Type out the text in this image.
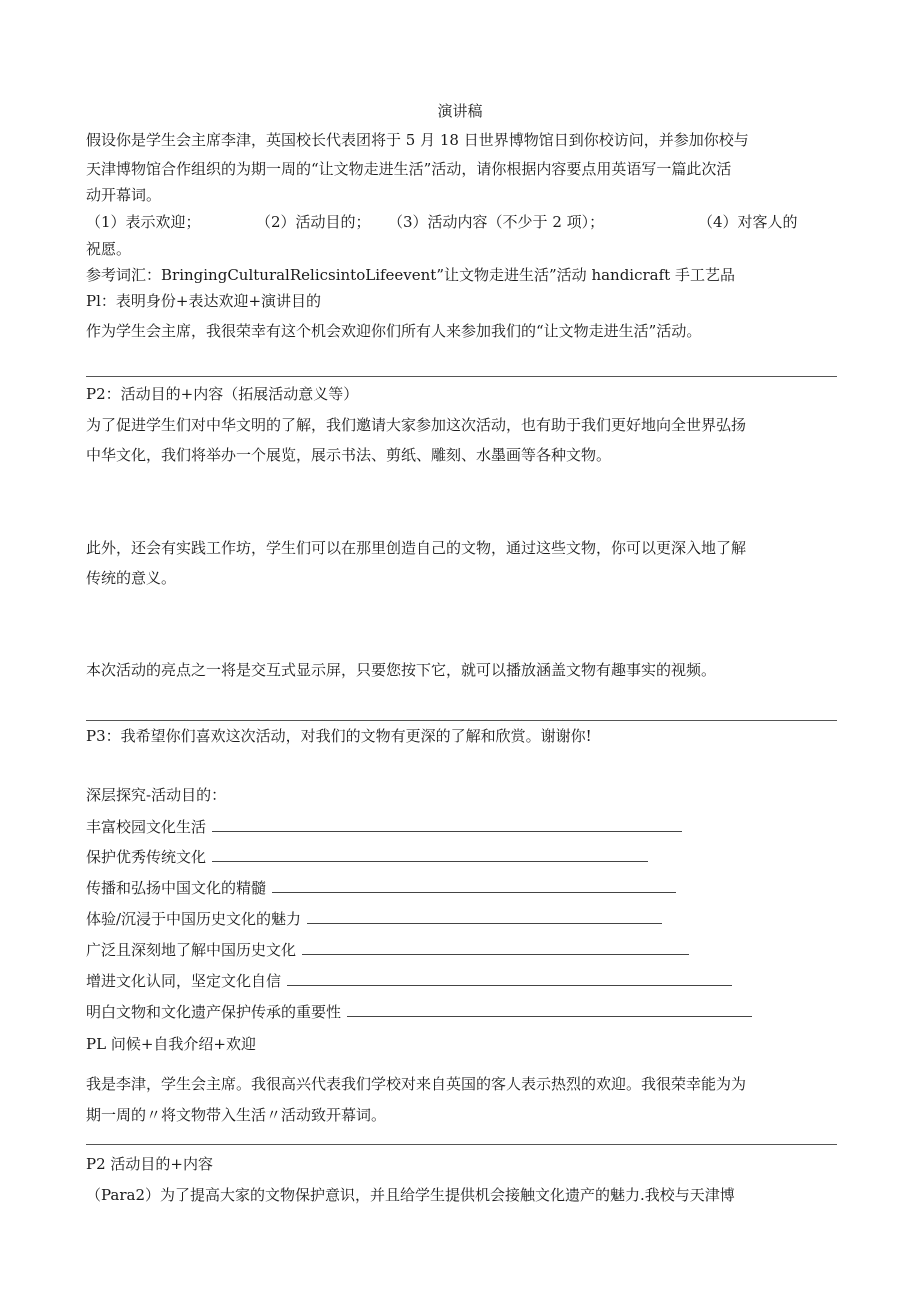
演讲稿
假设你是学生会主席李津，英国校长代表团将于 5 月 18 日世界博物馆日到你校访问，并参加你校与
天津博物馆合作组织的为期一周的“让文物走进生活”活动，请你根据内容要点用英语写一篇此次活
动开幕词。
（1）表示欢迎；	（2）活动目的； （3）活动内容（不少于 2 项）；	（4）对客人的
祝愿。
参考词汇：BringingCulturalRelicsintoLifeevent”让文物走进生活”活动 handicraft 手工艺品
Pl：表明身份+表达欢迎+演讲目的
作为学生会主席，我很荣幸有这个机会欢迎你们所有人来参加我们的“让文物走进生活”活动。
P2：活动目的+内容（拓展活动意义等）
为了促进学生们对中华文明的了解，我们邀请大家参加这次活动，也有助于我们更好地向全世界弘扬
中华文化，我们将举办一个展览，展示书法、剪纸、雕刻、水墨画等各种文物。
此外，还会有实践工作坊，学生们可以在那里创造自己的文物，通过这些文物，你可以更深入地了解
传统的意义。
本次活动的亮点之一将是交互式显示屏，只要您按下它，就可以播放涵盖文物有趣事实的视频。
P3：我希望你们喜欢这次活动，对我们的文物有更深的了解和欣赏。谢谢你!
深层探究-活动目的：
丰富校园文化生活
保护优秀传统文化
传播和弘扬中国文化的精髓
体验/沉浸于中国历史文化的魅力
广泛且深刻地了解中国历史文化
增进文化认同，坚定文化自信
明白文物和文化遗产保护传承的重要性
PL 问候+自我介绍+欢迎
我是李津，学生会主席。我很高兴代表我们学校对来自英国的客人表示热烈的欢迎。我很荣幸能为为
期一周的〃将文物带入生活〃活动致开幕词。
P2 活动目的+内容
（Para2）为了提高大家的文物保护意识，并且给学生提供机会接触文化遗产的魅力.我校与天津博
